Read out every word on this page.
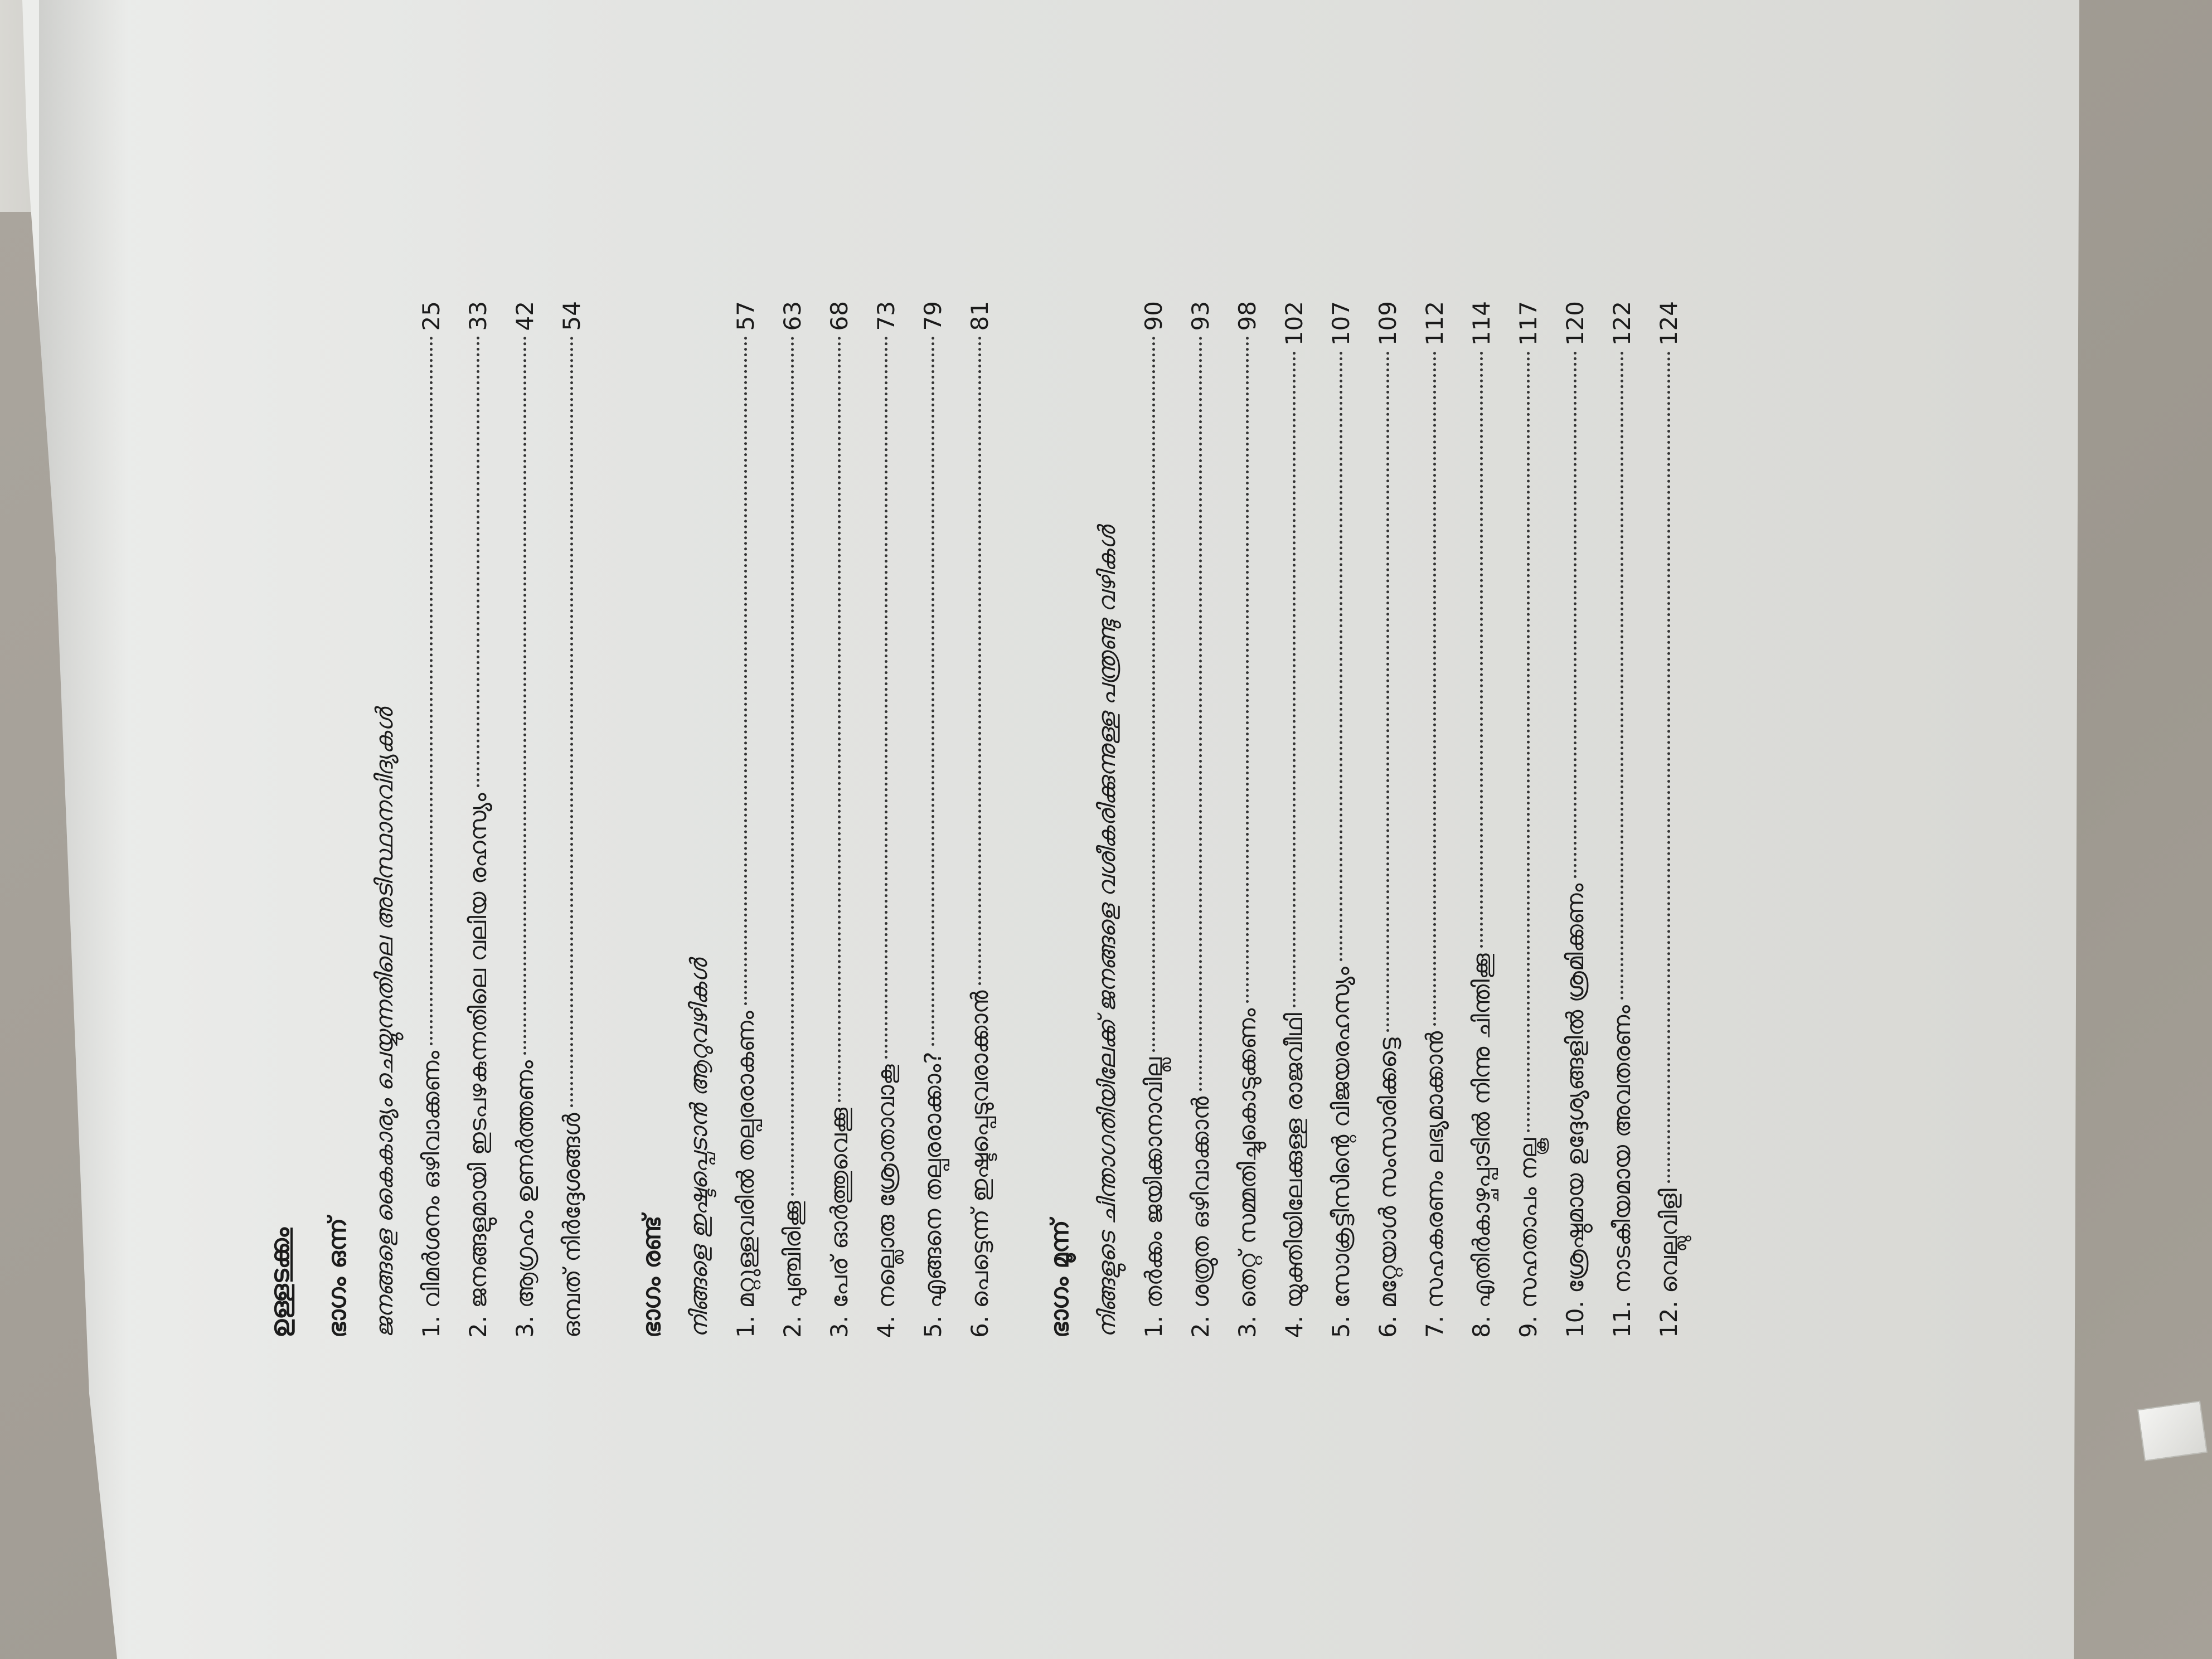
ഉള്ളടക്കം	ഭാഗം ഒന്ന് ജനങ്ങളെ കൈകാര്യം ചെയ്യുന്നതിലെ അടിസ്ഥാനവിദ്യകൾ 1. വിമർശനം ഒഴിവാക്കണം
25
2. ജനങ്ങളുമായി ഇടപഴകുന്നതിലെ വലിയ രഹസ്യം
33
3. ആഗ്രഹം ഉണർത്തണം
42
ഒമ്പത് നിർദ്ദേശങ്ങൾ
54
ഭാഗം രണ്ട് നിങ്ങളെ ഇഷ്ടപ്പെടാൻ ആറുവഴികൾ 1. മറ്റുള്ളവരിൽ തല്പരരാകണം
57
2. പുഞ്ചിരിക്കൂ
63
3. പേര് ഓർത്തുവെക്കൂ
68
4. നല്ലൊരു ശ്രോതാവാകൂ
73
5. എങ്ങനെ തല്പരരാക്കാം?
79
6. പെട്ടെന്ന് ഇഷ്ടപ്പെടുവരാക്കാൻ
81
ഭാഗം മൂന്ന് നിങ്ങളുടെ ചിന്താഗതിയിലേക്ക് ജനങ്ങളെ വശീകരിക്കുന്നുള്ള പന്ത്രണ്ടു വഴികൾ 1. തർക്കം ജയിക്കാനാവില്ല
90
2. ശത്രുത ഒഴിവാക്കാൻ
93
3. തെറ്റ് സമ്മതിച്ചുകൊടുക്കണം
98
4. യുക്തിയിലേക്കുള്ള രാജവീഥി
102
5. സോക്രട്ടീസിന്റെ വിജയരഹസ്യം
107
6. മറ്റേയാൾ സംസാരിക്കട്ടെ
109
7. സഹകരണം ലഭ്യമാക്കാൻ
112
8. എതിർകാഴ്ചപ്പാടിൽ നിന്നു ചിന്തിക്കൂ
114
9. സഹതാപം നല്കൂ
117
10. ശ്രേഷ്ഠമായ ഉദ്ദേശ്യങ്ങളിൽ ശ്രമിക്കണം
120
11. നാടകീയമായ അവതരണം
122
12. വെല്ലുവിളി
124
